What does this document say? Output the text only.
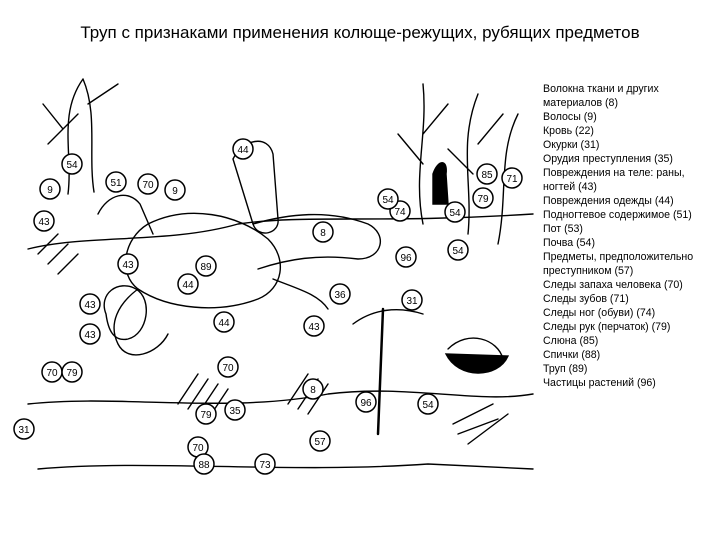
Труп с признаками применения колюще-режущих, рубящих предметов
54
44
51 70
9	9
43
43	89
8
74	54
85 71
79
44
43
31
36
96
54
44
43
70 79
35
8
70
79
31
96	54
57
73
70
88
54
43
Волокна ткани и других материалов (8)
Волосы (9)
Кровь (22)
Окурки (31)
Орудия преступления (35)
Повреждения на теле: раны,
ногтей (43)
Повреждения одежды (44)
Подногтевое содержимое (51)
Пот (53)
Почва (54)
Предметы, предположительно преступником (57)
Следы запаха человека (70)
Следы зубов (71)
Следы ног (обуви) (74)
Следы рук (перчаток) (79)
Слюна (85)
Спички (88)
Труп (89)
Частицы растений (96)
